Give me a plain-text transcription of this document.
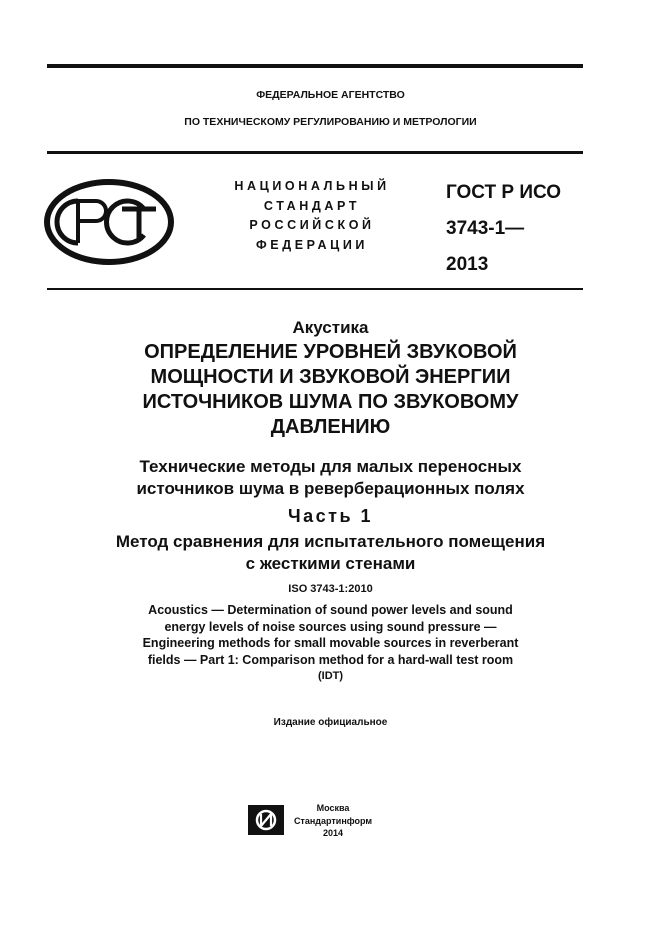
ФЕДЕРАЛЬНОЕ АГЕНТСТВО
ПО ТЕХНИЧЕСКОМУ РЕГУЛИРОВАНИЮ И МЕТРОЛОГИИ
НАЦИОНАЛЬНЫЙ
СТАНДАРТ
РОССИЙСКОЙ
ФЕДЕРАЦИИ
ГОСТ Р ИСО
3743-1—
2013
Акустика
ОПРЕДЕЛЕНИЕ УРОВНЕЙ ЗВУКОВОЙ
МОЩНОСТИ И ЗВУКОВОЙ ЭНЕРГИИ
ИСТОЧНИКОВ ШУМА ПО ЗВУКОВОМУ
ДАВЛЕНИЮ
Технические методы для малых переносных
источников шума в реверберационных полях
Часть 1
Метод сравнения для испытательного помещения
с жесткими стенами
ISO 3743-1:2010
Acoustics — Determination of sound power levels and sound
energy levels of noise sources using sound pressure —
Engineering methods for small movable sources in reverberant
fields — Part 1: Comparison method for a hard-wall test room
(IDT)
Издание официальное
Москва
Стандартинформ
2014
